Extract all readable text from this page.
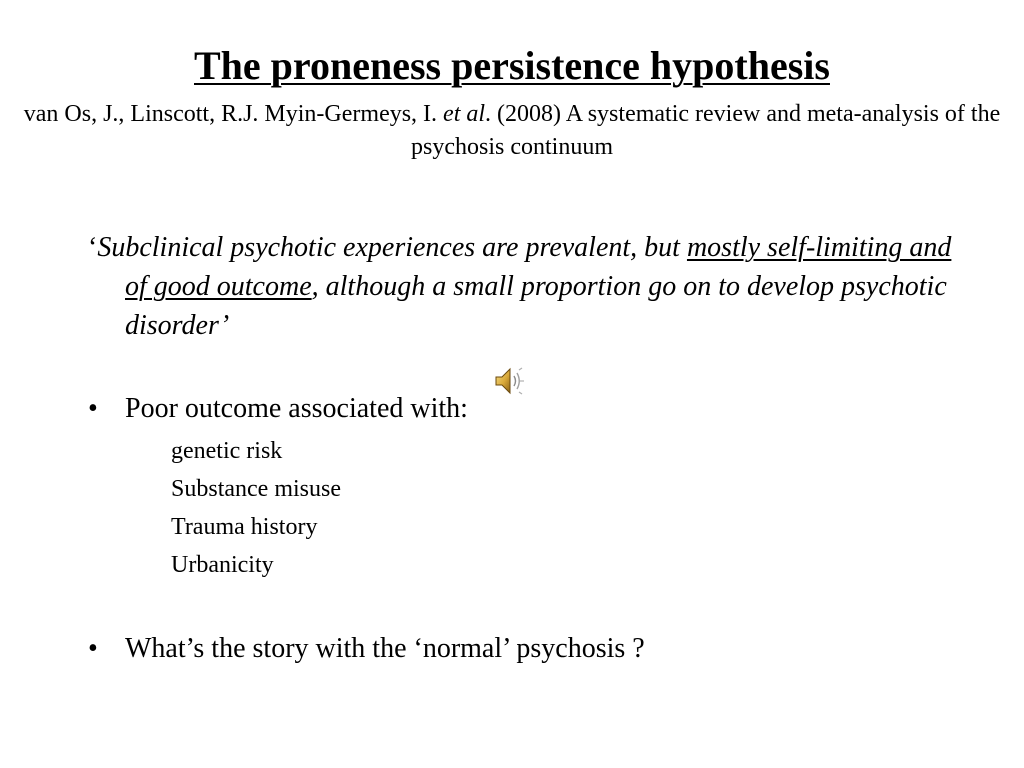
The proneness persistence hypothesis

van Os, J., Linscott, R.J. Myin-Germeys, I. et al. (2008) A systematic review and meta-analysis of the psychosis continuum

‘Subclinical psychotic experiences are prevalent, but mostly self-limiting and of good outcome, although a small proportion go on to develop psychotic disorder’
• Poor outcome associated with:
genetic risk
Substance misuse
Trauma history
Urbanicity
• What’s the story with the ‘normal’ psychosis ?
